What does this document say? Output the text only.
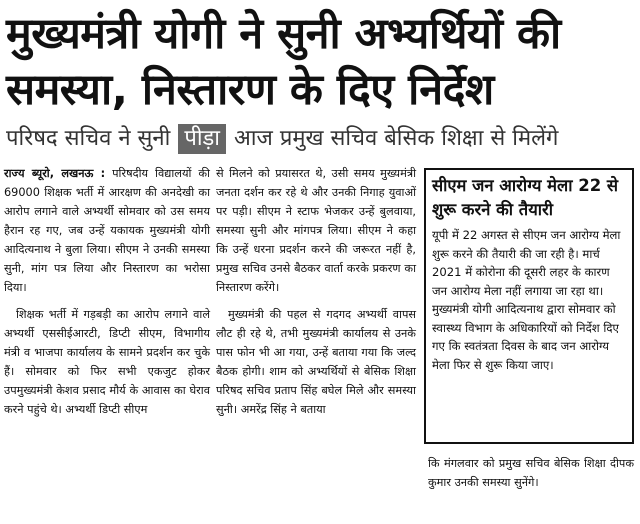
मुख्यमंत्री योगी ने सुनी अभ्यर्थियों की समस्या, निस्तारण के दिए निर्देश
परिषद सचिव ने सुनी पीड़ा आज प्रमुख सचिव बेसिक शिक्षा से मिलेंगे

राज्य ब्यूरो, लखनऊ : परिषदीय विद्यालयों की 69000 शिक्षक भर्ती में आरक्षण की अनदेखी का आरोप लगाने वाले अभ्यर्थी सोमवार को उस समय हैरान रह गए, जब उन्हें यकायक मुख्यमंत्री योगी आदित्यनाथ ने बुला लिया। सीएम ने उनकी समस्या सुनी, मांग पत्र लिया और निस्तारण का भरोसा दिया।

शिक्षक भर्ती में गड़बड़ी का आरोप लगाने वाले अभ्यर्थी एससीईआरटी, डिप्टी सीएम, विभागीय मंत्री व भाजपा कार्यालय के सामने प्रदर्शन कर चुके हैं। सोमवार को फिर सभी एकजुट होकर उपमुख्यमंत्री केशव प्रसाद मौर्य के आवास का घेराव करने पहुंचे थे। अभ्यर्थी डिप्टी सीएम

से मिलने को प्रयासरत थे, उसी समय मुख्यमंत्री जनता दर्शन कर रहे थे और उनकी निगाह युवाओं पर पड़ी। सीएम ने स्टाफ भेजकर उन्हें बुलवाया, समस्या सुनी और मांगपत्र लिया। सीएम ने कहा कि उन्हें धरना प्रदर्शन करने की जरूरत नहीं है, प्रमुख सचिव उनसे बैठकर वार्ता करके प्रकरण का निस्तारण करेंगे।

मुख्यमंत्री की पहल से गदगद अभ्यर्थी वापस लौट ही रहे थे, तभी मुख्यमंत्री कार्यालय से उनके पास फोन भी आ गया, उन्हें बताया गया कि जल्द बैठक होगी। शाम को अभ्यर्थियों से बेसिक शिक्षा परिषद सचिव प्रताप सिंह बघेल मिले और समस्या सुनी। अमरेंद्र सिंह ने बताया

सीएम जन आरोग्य मेला 22 से शुरू करने की तैयारी
यूपी में 22 अगस्त से सीएम जन आरोग्य मेला शुरू करने की तैयारी की जा रही है। मार्च 2021 में कोरोना की दूसरी लहर के कारण जन आरोग्य मेला नहीं लगाया जा रहा था। मुख्यमंत्री योगी आदित्यनाथ द्वारा सोमवार को स्वास्थ्य विभाग के अधिकारियों को निर्देश दिए गए कि स्वतंत्रता दिवस के बाद जन आरोग्य मेला फिर से शुरू किया जाए।
कि मंगलवार को प्रमुख सचिव बेसिक शिक्षा दीपक कुमार उनकी समस्या सुनेंगे।
